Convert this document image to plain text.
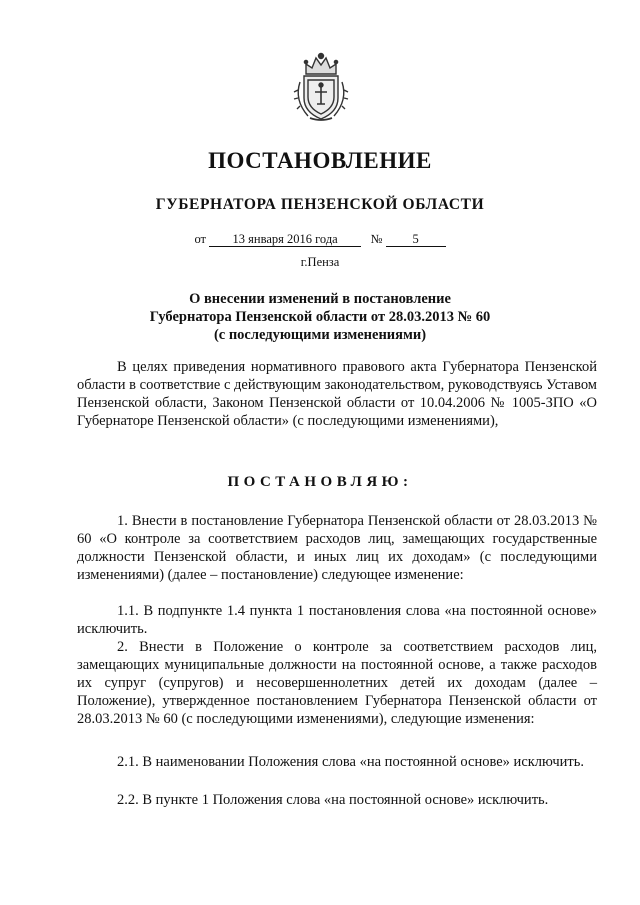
ПОСТАНОВЛЕНИЕ
ГУБЕРНАТОРА ПЕНЗЕНСКОЙ ОБЛАСТИ
от 13 января 2016 года	№ 5
г.Пенза
О внесении изменений в постановление
Губернатора Пензенской области от 28.03.2013 № 60
(с последующими изменениями)
В целях приведения нормативного правового акта Губернатора Пензенской области в соответствие с действующим законодательством, руководствуясь Уставом Пензенской области, Законом Пензенской области от 10.04.2006 № 1005-ЗПО «О Губернаторе Пензенской области» (с последующими изменениями),
ПОСТАНОВЛЯЮ:
1. Внести в постановление Губернатора Пензенской области от 28.03.2013 № 60 «О контроле за соответствием расходов лиц, замещающих государственные должности Пензенской области, и иных лиц их доходам» (с последующими изменениями) (далее – постановление) следующее изменение:
1.1. В подпункте 1.4 пункта 1 постановления слова «на постоянной основе» исключить.
2. Внести в Положение о контроле за соответствием расходов лиц, замещающих муниципальные должности на постоянной основе, а также расходов их супруг (супругов) и несовершеннолетних детей их доходам (далее – Положение), утвержденное постановлением Губернатора Пензенской области от 28.03.2013 № 60 (с последующими изменениями), следующие изменения:
2.1. В наименовании Положения слова «на постоянной основе» исключить.
2.2. В пункте 1 Положения слова «на постоянной основе» исключить.
